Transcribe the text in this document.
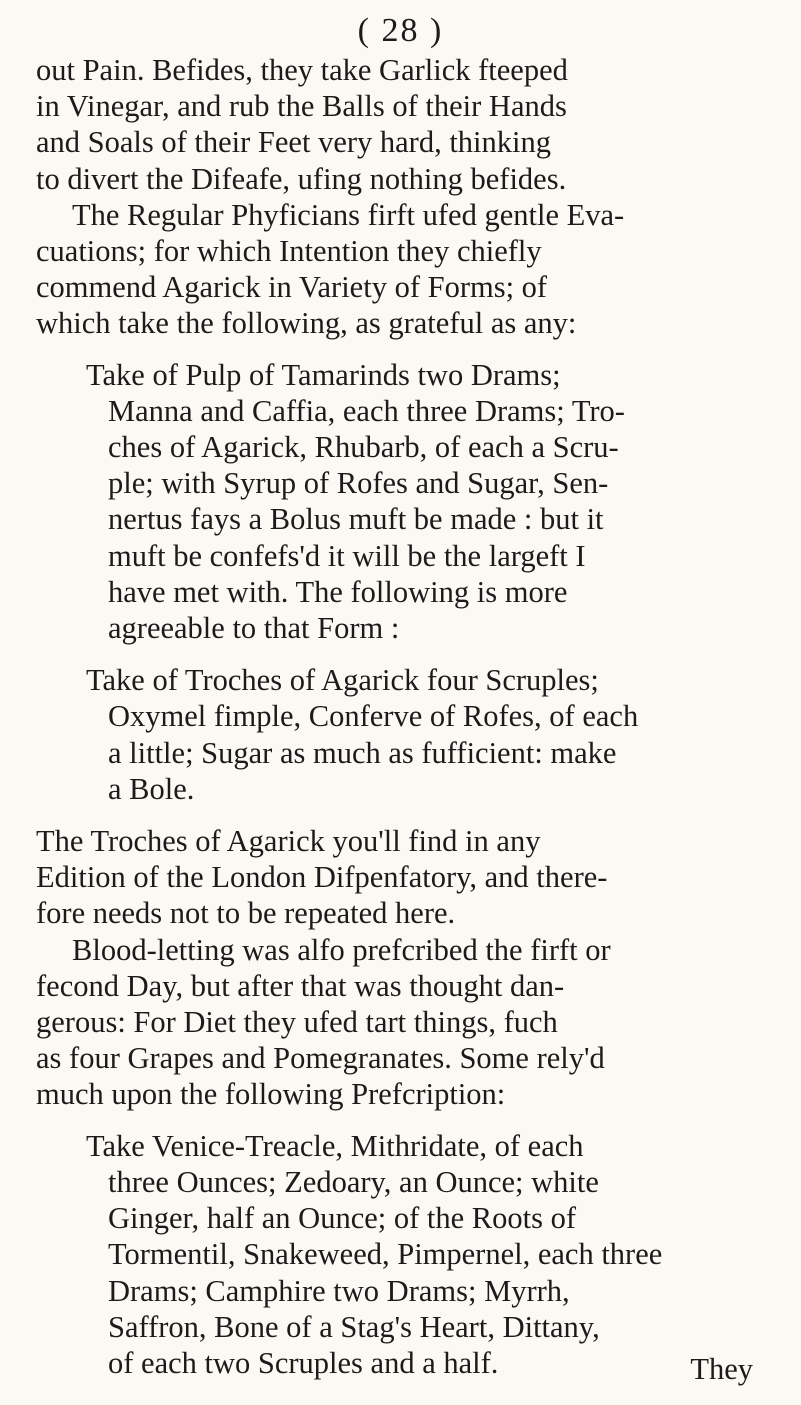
( 28 )
out Pain. Befides, they take Garlick fteeped
in Vinegar, and rub the Balls of their Hands
and Soals of their Feet very hard, thinking
to divert the Difeafe, ufing nothing befides.
The Regular Phyficians firft ufed gentle Eva-
cuations; for which Intention they chiefly
commend Agarick in Variety of Forms; of
which take the following, as grateful as any:
Take of Pulp of Tamarinds two Drams;
Manna and Caffia, each three Drams; Tro-
ches of Agarick, Rhubarb, of each a Scru-
ple; with Syrup of Rofes and Sugar, Sen-
nertus fays a Bolus muft be made : but it
muft be confefs'd it will be the largeft I
have met with. The following is more
agreeable to that Form :
Take of Troches of Agarick four Scruples;
Oxymel fimple, Conferve of Rofes, of each
a little; Sugar as much as fufficient: make
a Bole.
The Troches of Agarick you'll find in any
Edition of the London Difpenfatory, and there-
fore needs not to be repeated here.
Blood-letting was alfo prefcribed the firft or
fecond Day, but after that was thought dan-
gerous: For Diet they ufed tart things, fuch
as four Grapes and Pomegranates. Some rely'd
much upon the following Prefcription:
Take Venice-Treacle, Mithridate, of each
three Ounces; Zedoary, an Ounce; white
Ginger, half an Ounce; of the Roots of
Tormentil, Snakeweed, Pimpernel, each three
Drams; Camphire two Drams; Myrrh,
Saffron, Bone of a Stag's Heart, Dittany,
of each two Scruples and a half.	They
